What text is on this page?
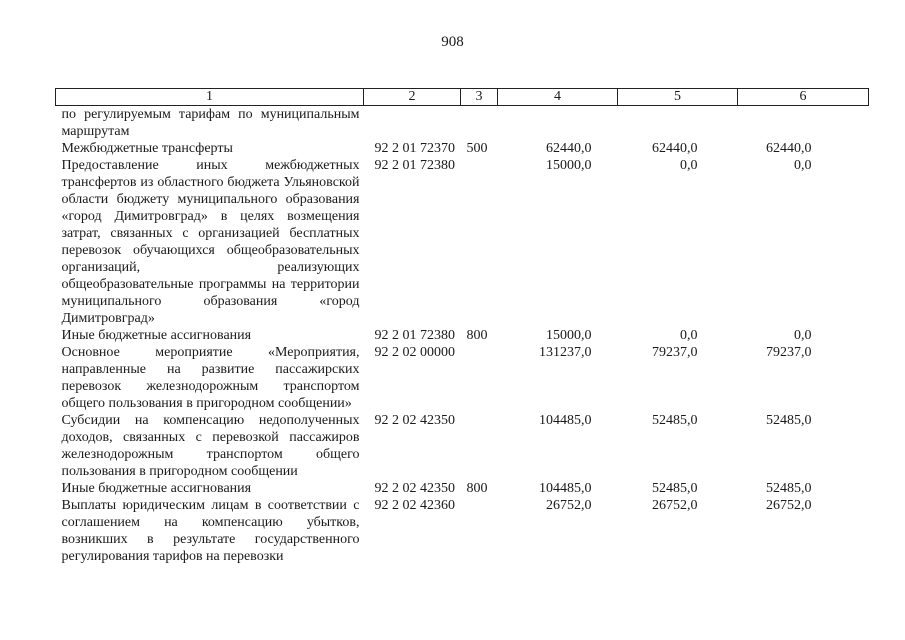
908
1	2	3	4	5	6
по регулируемым тарифам по муниципальным маршрутам					
Межбюджетные трансферты	92 2 01 72370	500	62440,0	62440,0	62440,0
Предоставление иных межбюджетных трансфертов из областного бюджета Ульяновской области бюджету муниципального образования «город Димитровград» в целях возмещения затрат, связанных с организацией бесплатных перевозок обучающихся общеобразовательных организаций, реализующих общеобразовательные программы на территории муниципального образования «город Димитровград»	92 2 01 72380		15000,0	0,0	0,0
Иные бюджетные ассигнования	92 2 01 72380	800	15000,0	0,0	0,0
Основное мероприятие «Мероприятия, направленные на развитие пассажирских перевозок железнодорожным транспортом общего пользования в пригородном сообщении»	92 2 02 00000		131237,0	79237,0	79237,0
Субсидии на компенсацию недополученных доходов, связанных с перевозкой пассажиров железнодорожным транспортом общего пользования в пригородном сообщении	92 2 02 42350		104485,0	52485,0	52485,0
Иные бюджетные ассигнования	92 2 02 42350	800	104485,0	52485,0	52485,0
Выплаты юридическим лицам в соответствии с соглашением на компенсацию убытков, возникших в результате государственного регулирования тарифов на перевозки	92 2 02 42360		26752,0	26752,0	26752,0
